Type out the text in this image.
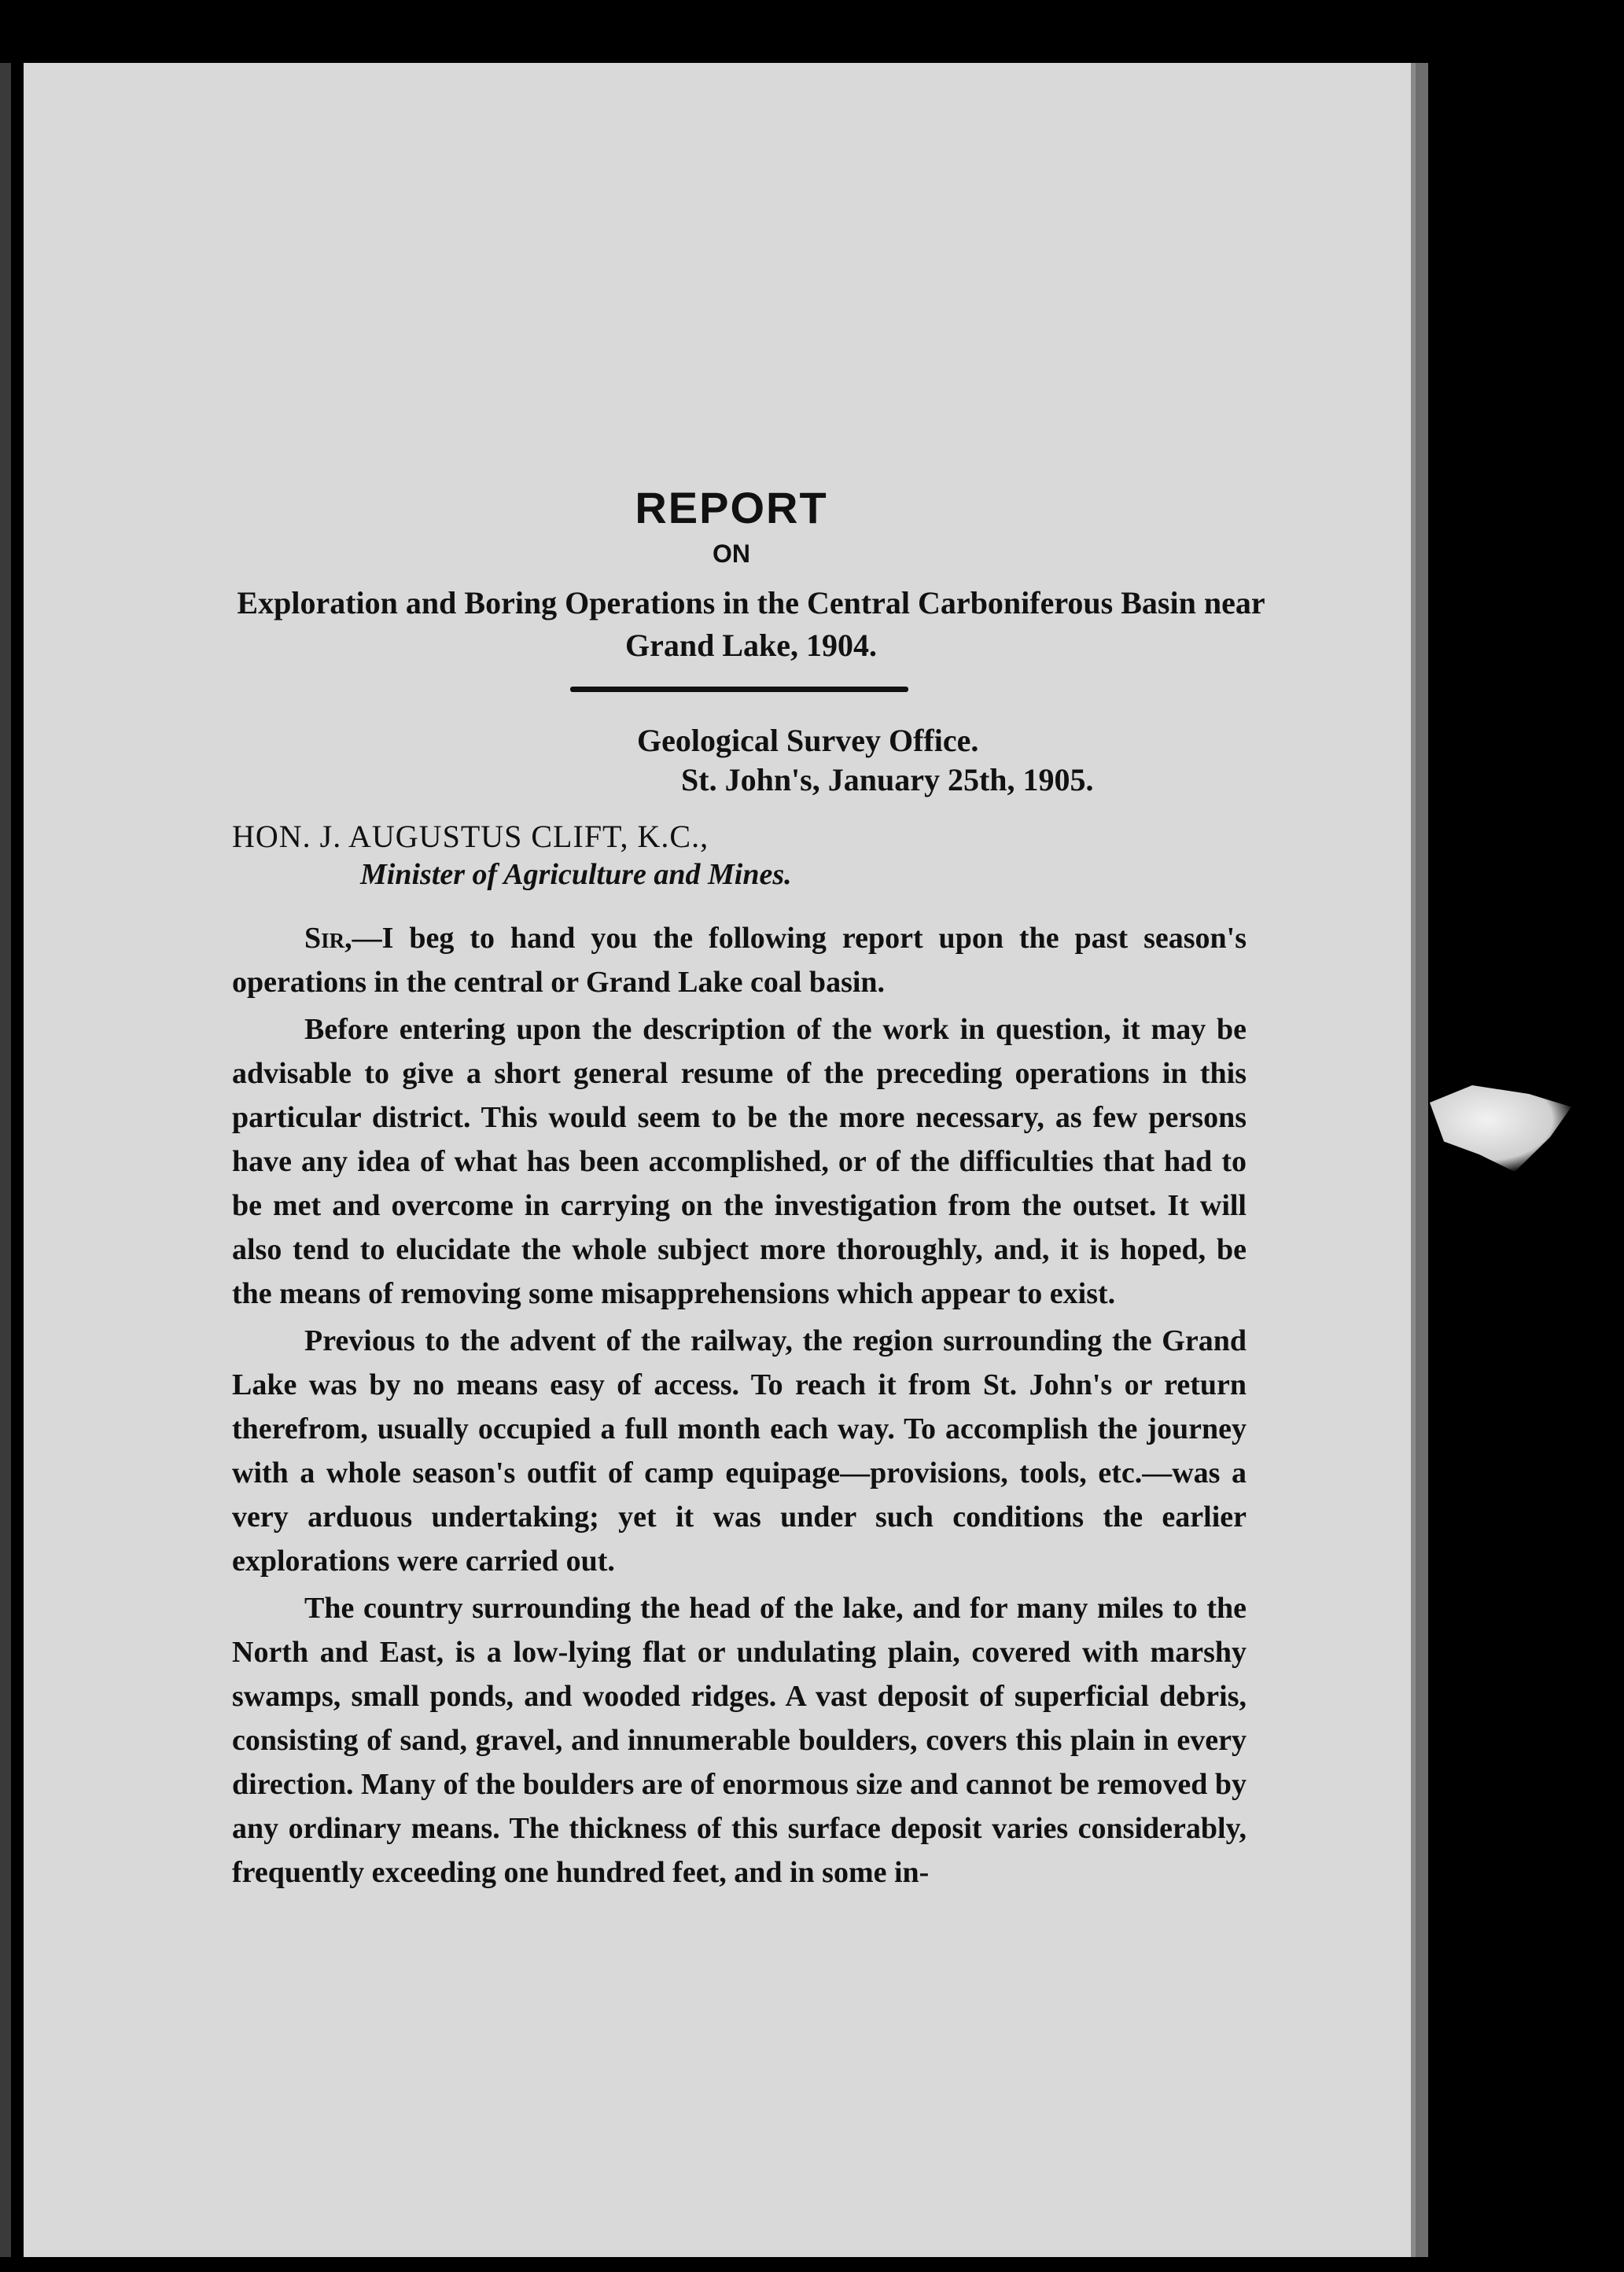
REPORT
ON
Exploration and Boring Operations in the Central Carboniferous Basin near Grand Lake, 1904.
Geological Survey Office.
St. John's, January 25th, 1905.
HON. J. AUGUSTUS CLIFT, K.C.,
Minister of Agriculture and Mines.

Sir,—I beg to hand you the following report upon the past season's operations in the central or Grand Lake coal basin.

Before entering upon the description of the work in question, it may be advisable to give a short general resume of the preceding operations in this particular district. This would seem to be the more necessary, as few persons have any idea of what has been accomplished, or of the difficulties that had to be met and overcome in carrying on the investigation from the outset. It will also tend to elucidate the whole subject more thoroughly, and, it is hoped, be the means of removing some misapprehensions which appear to exist.

Previous to the advent of the railway, the region surrounding the Grand Lake was by no means easy of access. To reach it from St. John's or return therefrom, usually occupied a full month each way. To accomplish the journey with a whole season's outfit of camp equipage—provisions, tools, etc.—was a very arduous undertaking; yet it was under such conditions the earlier explorations were carried out.

The country surrounding the head of the lake, and for many miles to the North and East, is a low-lying flat or undulating plain, covered with marshy swamps, small ponds, and wooded ridges. A vast deposit of superficial debris, consisting of sand, gravel, and innumerable boulders, covers this plain in every direction. Many of the boulders are of enormous size and cannot be removed by any ordinary means. The thickness of this surface deposit varies considerably, frequently exceeding one hundred feet, and in some in-
